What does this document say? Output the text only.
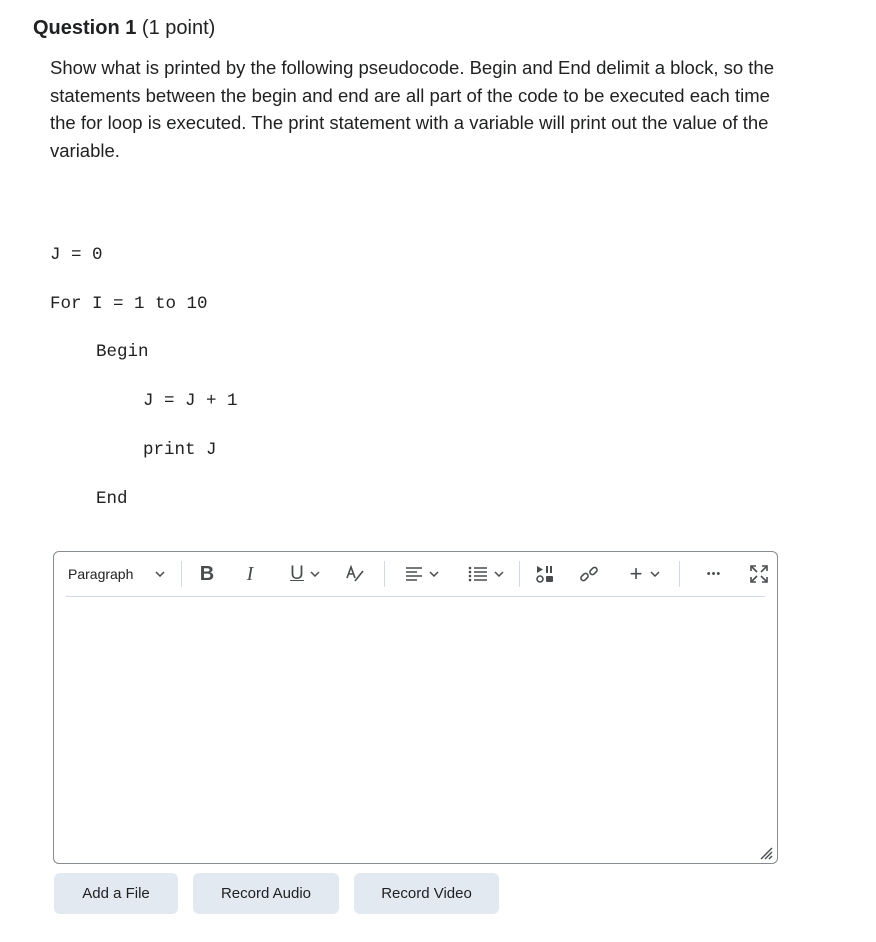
Question 1 (1 point)
Show what is printed by the following pseudocode. Begin and End delimit a block, so the statements between the begin and end are all part of the code to be executed each time the for loop is executed. The print statement with a variable will print out the value of the variable.
J = 0
For I = 1 to 10
Begin
J = J + 1
print J
End
Paragraph	B I U	+	•••
Add a File	Record Audio	Record Video
